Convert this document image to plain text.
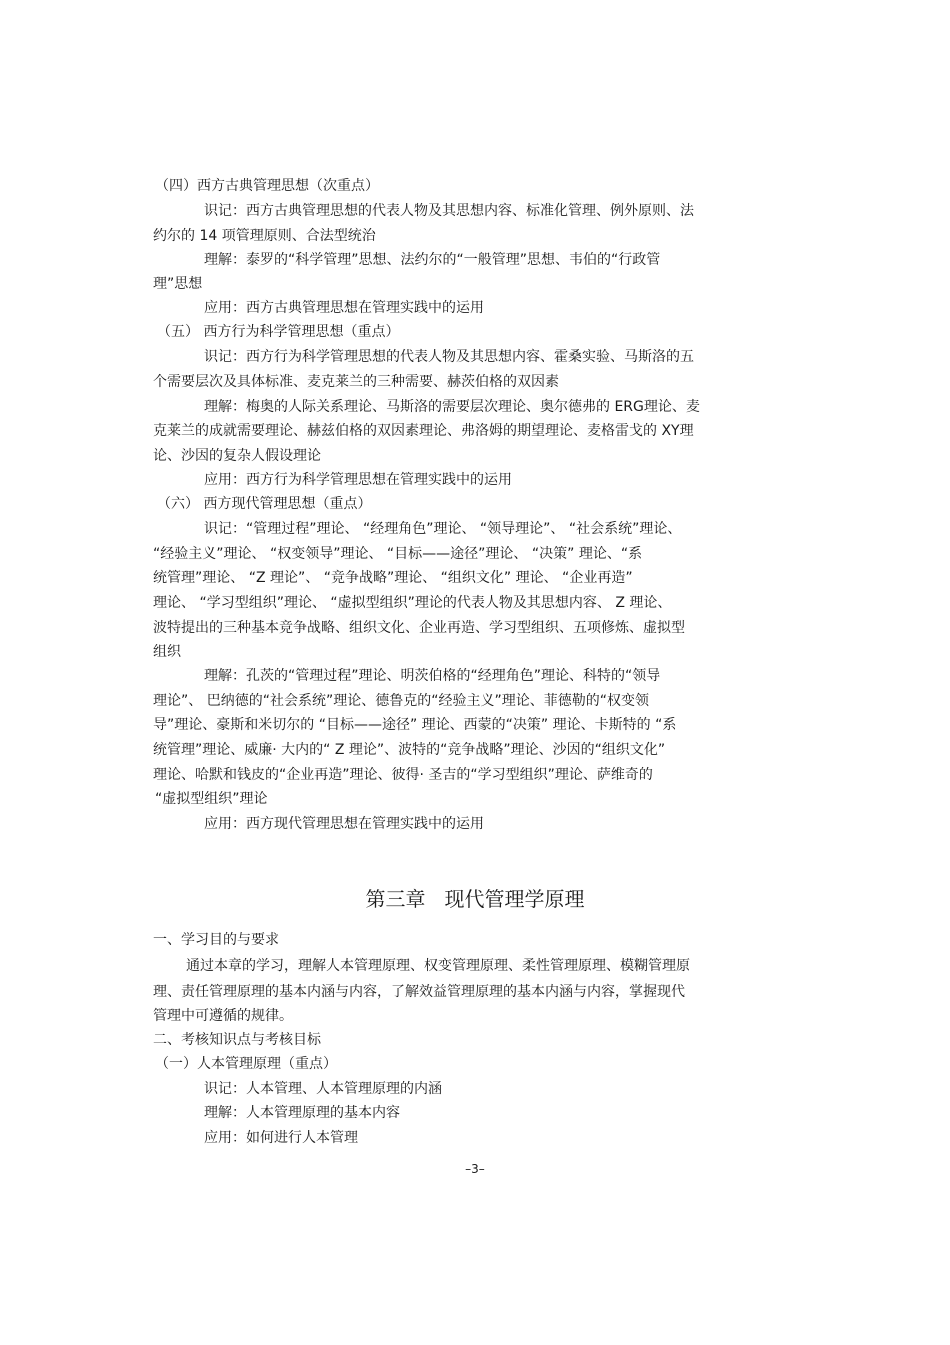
（四）西方古典管理思想（次重点）
识记：西方古典管理思想的代表人物及其思想内容、标准化管理、例外原则、法
约尔的 14 项管理原则、合法型统治
理解：泰罗的“科学管理”思想、法约尔的“一般管理”思想、韦伯的“行政管
理”思想
应用：西方古典管理思想在管理实践中的运用
（五） 西方行为科学管理思想（重点）
识记：西方行为科学管理思想的代表人物及其思想内容、霍桑实验、马斯洛的五
个需要层次及具体标准、麦克莱兰的三种需要、赫茨伯格的双因素
理解：梅奥的人际关系理论、马斯洛的需要层次理论、奥尔德弗的 ERG理论、麦
克莱兰的成就需要理论、赫兹伯格的双因素理论、弗洛姆的期望理论、麦格雷戈的 XY理
论、沙因的复杂人假设理论
应用：西方行为科学管理思想在管理实践中的运用
（六） 西方现代管理思想（重点）
识记：“管理过程”理论、 “经理角色”理论、 “领导理论”、 “社会系统”理论、
“经验主义”理论、 “权变领导”理论、 “目标——途径”理论、 “决策” 理论、“系
统管理”理论、 “Z 理论”、 “竞争战略”理论、 “组织文化” 理论、 “企业再造”
理论、 “学习型组织”理论、 “虚拟型组织”理论的代表人物及其思想内容、 Z 理论、
波特提出的三种基本竞争战略、组织文化、企业再造、学习型组织、五项修炼、虚拟型
组织
理解：孔茨的“管理过程”理论、明茨伯格的“经理角色”理论、科特的“领导
理论”、 巴纳德的“社会系统”理论、德鲁克的“经验主义”理论、菲德勒的“权变领
导”理论、豪斯和米切尔的 “目标——途径” 理论、西蒙的“决策” 理论、卡斯特的 “系
统管理”理论、威廉· 大内的“ Z 理论”、波特的“竞争战略”理论、沙因的“组织文化”
理论、哈默和钱皮的“企业再造”理论、彼得· 圣吉的“学习型组织”理论、萨维奇的
“虚拟型组织”理论
应用：西方现代管理思想在管理实践中的运用
第三章   现代管理学原理
一、学习目的与要求
通过本章的学习，理解人本管理原理、权变管理原理、柔性管理原理、模糊管理原
理、责任管理原理的基本内涵与内容，了解效益管理原理的基本内涵与内容，掌握现代
管理中可遵循的规律。
二、考核知识点与考核目标
（一）人本管理原理（重点）
识记：人本管理、人本管理原理的内涵
理解：人本管理原理的基本内容
应用：如何进行人本管理
–3–
